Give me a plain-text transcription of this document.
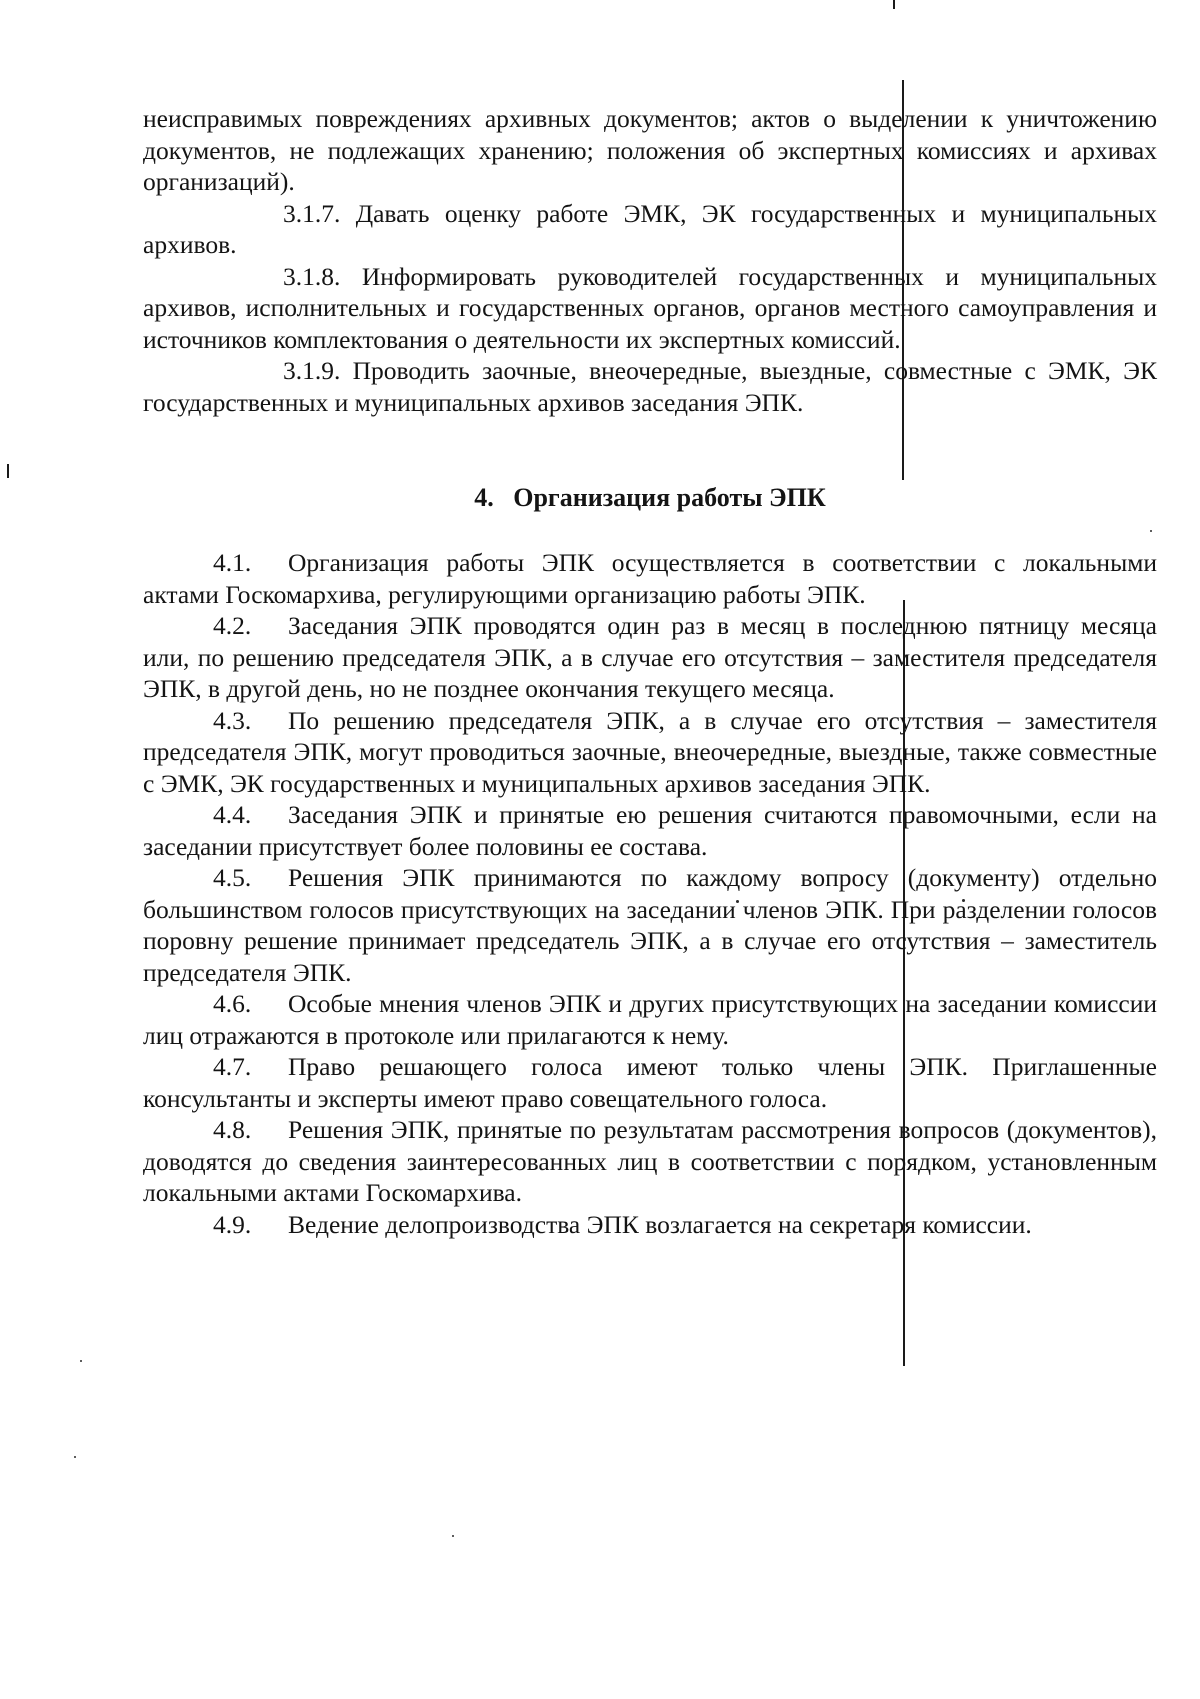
неисправимых повреждениях архивных документов; актов о выделении к уничтожению документов, не подлежащих хранению; положения об экспертных комиссиях и архивах организаций).

3.1.7. Давать оценку работе ЭМК, ЭК государственных и муниципальных архивов.

3.1.8. Информировать руководителей государственных и муниципальных архивов, исполнительных и государственных органов, органов местного самоуправления и источников комплектования о деятельности их экспертных комиссий.

3.1.9. Проводить заочные, внеочередные, выездные, совместные с ЭМК, ЭК государственных и муниципальных архивов заседания ЭПК.

4.   Организация работы ЭПК

4.1. Организация работы ЭПК осуществляется в соответствии с локальными актами Госкомархива, регулирующими организацию работы ЭПК.

4.2. Заседания ЭПК проводятся один раз в месяц в последнюю пятницу месяца или, по решению председателя ЭПК, а в случае его отсутствия – заместителя председателя ЭПК, в другой день, но не позднее окончания текущего месяца.

4.3. По решению председателя ЭПК, а в случае его отсутствия – заместителя председателя ЭПК, могут проводиться заочные, внеочередные, выездные, также совместные с ЭМК, ЭК государственных и муниципальных архивов заседания ЭПК.

4.4. Заседания ЭПК и принятые ею решения считаются правомочными, если на заседании присутствует более половины ее состава.

4.5. Решения ЭПК принимаются по каждому вопросу (документу) отдельно большинством голосов присутствующих на заседании членов ЭПК. При разделении голосов поровну решение принимает председатель ЭПК, а в случае его отсутствия – заместитель председателя ЭПК.

4.6. Особые мнения членов ЭПК и других присутствующих на заседании комиссии лиц отражаются в протоколе или прилагаются к нему.

4.7. Право решающего голоса имеют только члены ЭПК. Приглашенные консультанты и эксперты имеют право совещательного голоса.

4.8. Решения ЭПК, принятые по результатам рассмотрения вопросов (документов), доводятся до сведения заинтересованных лиц в соответствии с порядком, установленным локальными актами Госкомархива.

4.9. Ведение делопроизводства ЭПК возлагается на секретаря комиссии.
